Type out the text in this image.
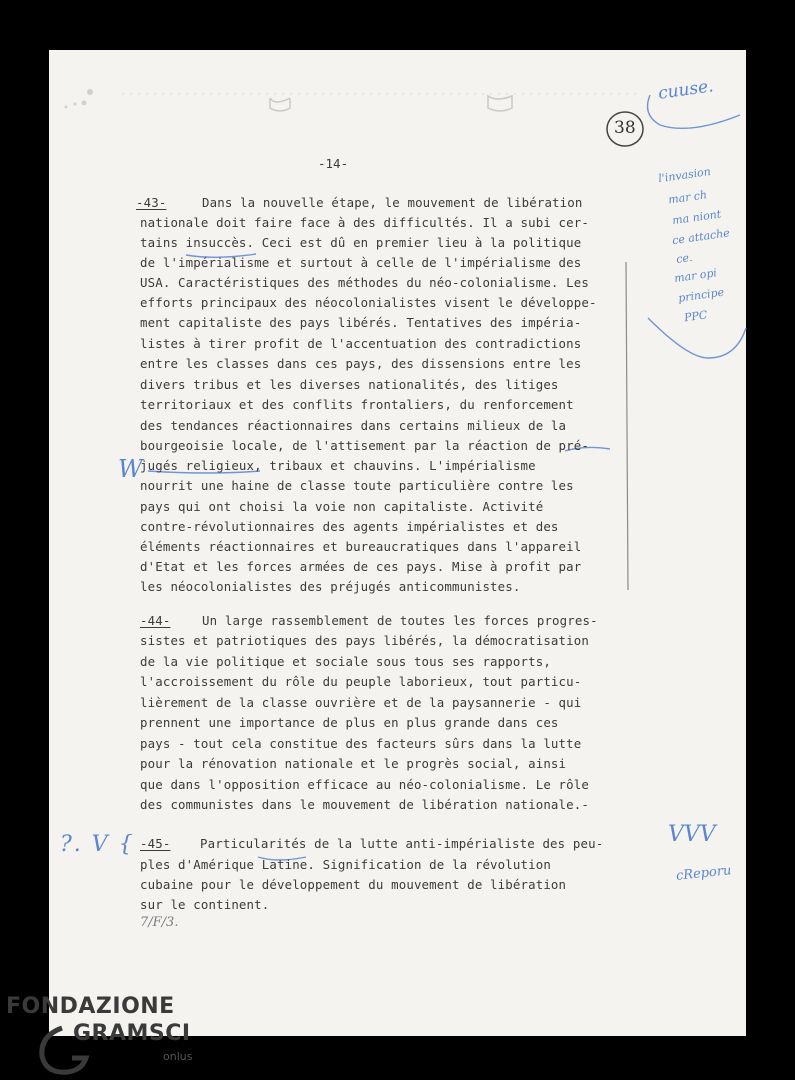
-14-
-43-	Dans la nouvelle étape, le mouvement de libération
nationale doit faire face à des difficultés. Il a subi cer-
tains insuccès. Ceci est dû en premier lieu à la politique
de l'impérialisme et surtout à celle de l'impérialisme des
USA. Caractéristiques des méthodes du néo-colonialisme. Les
efforts principaux des néocolonialistes visent le développe-
ment capitaliste des pays libérés. Tentatives des impéria-
listes à tirer profit de l'accentuation des contradictions
entre les classes dans ces pays, des dissensions entre les
divers tribus et les diverses nationalités, des litiges
territoriaux et des conflits frontaliers, du renforcement
des tendances réactionnaires dans certains milieux de la
bourgeoisie locale, de l'attisement par la réaction de pré-
jugés religieux, tribaux et chauvins. L'impérialisme
nourrit une haine de classe toute particulière contre les
pays qui ont choisi la voie non capitaliste. Activité
contre-révolutionnaires des agents impérialistes et des
éléments réactionnaires et bureaucratiques dans l'appareil
d'Etat et les forces armées de ces pays. Mise à profit par
les néocolonialistes des préjugés anticommunistes.
-44-	Un large rassemblement de toutes les forces progres-
sistes et patriotiques des pays libérés, la démocratisation
de la vie politique et sociale sous tous ses rapports,
l'accroissement du rôle du peuple laborieux, tout particu-
lièrement de la classe ouvrière et de la paysannerie - qui
prennent une importance de plus en plus grande dans ces
pays - tout cela constitue des facteurs sûrs dans la lutte
pour la rénovation nationale et le progrès social, ainsi
que dans l'opposition efficace au néo-colonialisme. Le rôle
des communistes dans le mouvement de libération nationale.-
-45- Particularités de la lutte anti-impérialiste des peu-
ples d'Amérique Latine. Signification de la révolution
cubaine pour le développement du mouvement de libération
sur le continent.
7/F/3.
cuuse.
38
l'invasion
mar ch
ma niont
ce attache
ce.
mar opi
principe
PPC
W
?. V {	VVV
cReporu
FONDAZIONE
GRAMSCI
onlus
